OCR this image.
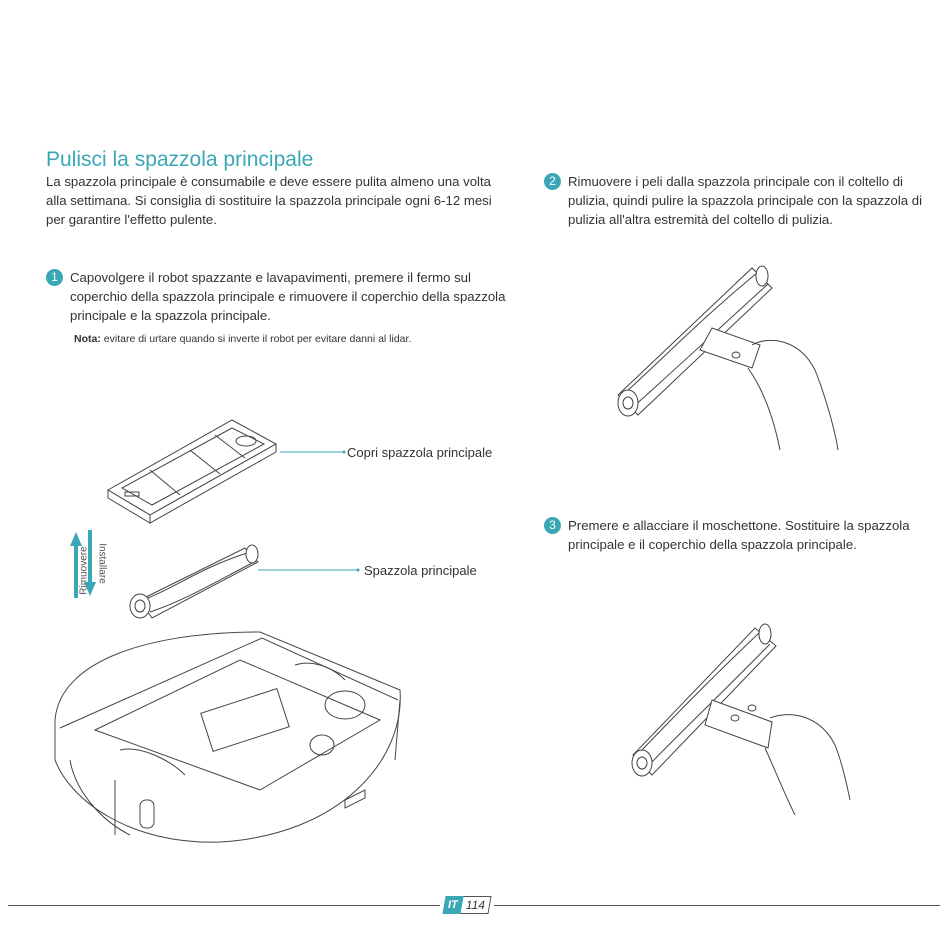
Pulisci la spazzola principale
La spazzola principale è consumabile e deve essere pulita almeno una volta alla settimana. Si consiglia di sostituire la spazzola principale ogni 6-12 mesi per garantire l'effetto pulente.
1 Capovolgere il robot spazzante e lavapavimenti, premere il fermo sul coperchio della spazzola principale e rimuovere il coperchio della spazzola principale e la spazzola principale.
Nota: evitare di urtare quando si inverte il robot per evitare danni al lidar.
2 Rimuovere i peli dalla spazzola principale con il coltello di pulizia, quindi pulire la spazzola principale con la spazzola di pulizia all'altra estremità del coltello di pulizia.
3 Premere e allacciare il moschettone. Sostituire la spazzola principale e il coperchio della spazzola principale.
Copri spazzola principale
Spazzola principale
Rimuovere Installare
IT 114
